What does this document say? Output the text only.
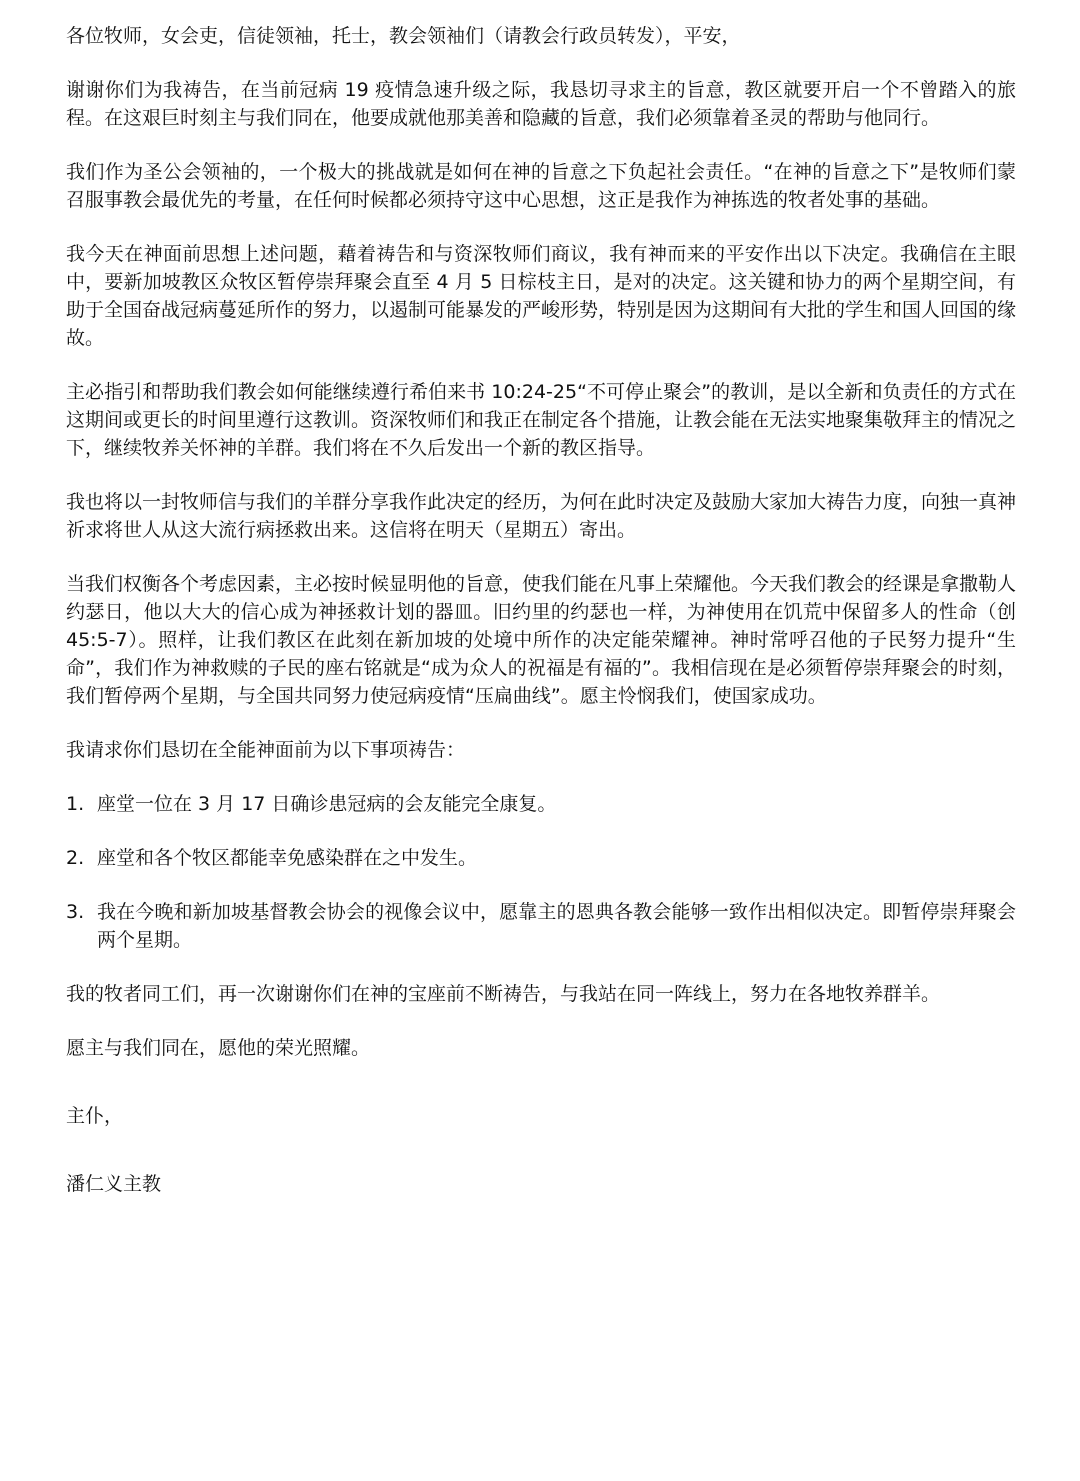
各位牧师，女会吏，信徒领袖，托士，教会领袖们（请教会行政员转发），平安，

谢谢你们为我祷告，在当前冠病 19 疫情急速升级之际，我恳切寻求主的旨意，教区就要开启一个不曾踏入的旅程。在这艰巨时刻主与我们同在，他要成就他那美善和隐藏的旨意，我们必须靠着圣灵的帮助与他同行。

我们作为圣公会领袖的，一个极大的挑战就是如何在神的旨意之下负起社会责任。“在神的旨意之下”是牧师们蒙召服事教会最优先的考量，在任何时候都必须持守这中心思想，这正是我作为神拣选的牧者处事的基础。

我今天在神面前思想上述问题，藉着祷告和与资深牧师们商议，我有神而来的平安作出以下决定。我确信在主眼中，要新加坡教区众牧区暂停崇拜聚会直至 4 月 5 日棕枝主日，是对的决定。这关键和协力的两个星期空间，有助于全国奋战冠病蔓延所作的努力，以遏制可能暴发的严峻形势，特别是因为这期间有大批的学生和国人回国的缘故。

主必指引和帮助我们教会如何能继续遵行希伯来书 10:24-25“不可停止聚会”的教训，是以全新和负责任的方式在这期间或更长的时间里遵行这教训。资深牧师们和我正在制定各个措施，让教会能在无法实地聚集敬拜主的情况之下，继续牧养关怀神的羊群。我们将在不久后发出一个新的教区指导。

我也将以一封牧师信与我们的羊群分享我作此决定的经历，为何在此时决定及鼓励大家加大祷告力度，向独一真神祈求将世人从这大流行病拯救出来。这信将在明天（星期五）寄出。

当我们权衡各个考虑因素，主必按时候显明他的旨意，使我们能在凡事上荣耀他。今天我们教会的经课是拿撒勒人约瑟日，他以大大的信心成为神拯救计划的器皿。旧约里的约瑟也一样，为神使用在饥荒中保留多人的性命（创 45:5-7）。照样，让我们教区在此刻在新加坡的处境中所作的决定能荣耀神。神时常呼召他的子民努力提升“生命”，我们作为神救赎的子民的座右铭就是“成为众人的祝福是有福的”。我相信现在是必须暂停崇拜聚会的时刻，我们暂停两个星期，与全国共同努力使冠病疫情“压扁曲线”。愿主怜悯我们，使国家成功。

我请求你们恳切在全能神面前为以下事项祷告：

1. 座堂一位在 3 月 17 日确诊患冠病的会友能完全康复。
2. 座堂和各个牧区都能幸免感染群在之中发生。
3. 我在今晚和新加坡基督教会协会的视像会议中，愿靠主的恩典各教会能够一致作出相似决定。即暂停崇拜聚会两个星期。

我的牧者同工们，再一次谢谢你们在神的宝座前不断祷告，与我站在同一阵线上，努力在各地牧养群羊。

愿主与我们同在，愿他的荣光照耀。

主仆，

潘仁义主教
